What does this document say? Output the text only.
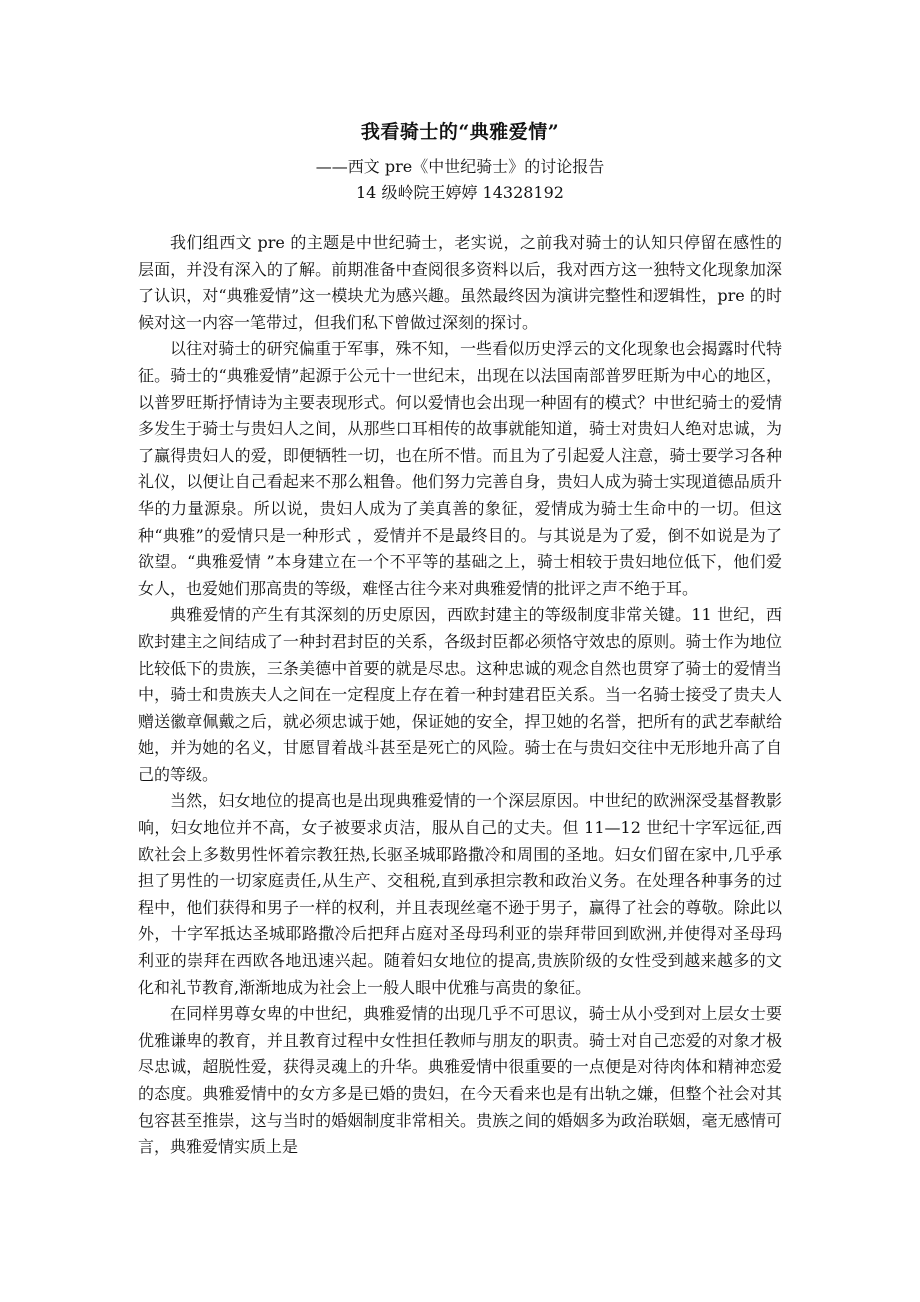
我看骑士的“典雅爱情”

——西文 pre《中世纪骑士》的讨论报告

14 级岭院王婷婷 14328192

我们组西文 pre 的主题是中世纪骑士，老实说，之前我对骑士的认知只停留在感性的层面，并没有深入的了解。前期准备中查阅很多资料以后，我对西方这一独特文化现象加深了认识，对“典雅爱情”这一模块尤为感兴趣。虽然最终因为演讲完整性和逻辑性，pre 的时候对这一内容一笔带过，但我们私下曾做过深刻的探讨。

以往对骑士的研究偏重于军事，殊不知，一些看似历史浮云的文化现象也会揭露时代特征。骑士的“典雅爱情”起源于公元十一世纪末，出现在以法国南部普罗旺斯为中心的地区，以普罗旺斯抒情诗为主要表现形式。何以爱情也会出现一种固有的模式？中世纪骑士的爱情多发生于骑士与贵妇人之间，从那些口耳相传的故事就能知道，骑士对贵妇人绝对忠诚，为了赢得贵妇人的爱，即便牺牲一切，也在所不惜。而且为了引起爱人注意，骑士要学习各种礼仪，以便让自己看起来不那么粗鲁。他们努力完善自身，贵妇人成为骑士实现道德品质升华的力量源泉。所以说，贵妇人成为了美真善的象征，爱情成为骑士生命中的一切。但这种“典雅”的爱情只是一种形式 ，爱情并不是最终目的。与其说是为了爱，倒不如说是为了欲望。“典雅爱情 ”本身建立在一个不平等的基础之上，骑士相较于贵妇地位低下，他们爱女人，也爱她们那高贵的等级，难怪古往今来对典雅爱情的批评之声不绝于耳。

典雅爱情的产生有其深刻的历史原因，西欧封建主的等级制度非常关键。11 世纪，西欧封建主之间结成了一种封君封臣的关系，各级封臣都必须恪守效忠的原则。骑士作为地位比较低下的贵族，三条美德中首要的就是尽忠。这种忠诚的观念自然也贯穿了骑士的爱情当中，骑士和贵族夫人之间在一定程度上存在着一种封建君臣关系。当一名骑士接受了贵夫人赠送徽章佩戴之后，就必须忠诚于她，保证她的安全，捍卫她的名誉，把所有的武艺奉献给她，并为她的名义，甘愿冒着战斗甚至是死亡的风险。骑士在与贵妇交往中无形地升高了自己的等级。

当然，妇女地位的提高也是出现典雅爱情的一个深层原因。中世纪的欧洲深受基督教影响，妇女地位并不高，女子被要求贞洁，服从自己的丈夫。但 11—12 世纪十字军远征,西欧社会上多数男性怀着宗教狂热,长驱圣城耶路撒冷和周围的圣地。妇女们留在家中,几乎承担了男性的一切家庭责任,从生产、交租税,直到承担宗教和政治义务。在处理各种事务的过程中，他们获得和男子一样的权利，并且表现丝毫不逊于男子，赢得了社会的尊敬。除此以外，十字军抵达圣城耶路撒冷后把拜占庭对圣母玛利亚的崇拜带回到欧洲,并使得对圣母玛利亚的崇拜在西欧各地迅速兴起。随着妇女地位的提高,贵族阶级的女性受到越来越多的文化和礼节教育,渐渐地成为社会上一般人眼中优雅与高贵的象征。

在同样男尊女卑的中世纪，典雅爱情的出现几乎不可思议，骑士从小受到对上层女士要优雅谦卑的教育，并且教育过程中女性担任教师与朋友的职责。骑士对自己恋爱的对象才极尽忠诚，超脱性爱，获得灵魂上的升华。典雅爱情中很重要的一点便是对待肉体和精神恋爱的态度。典雅爱情中的女方多是已婚的贵妇，在今天看来也是有出轨之嫌，但整个社会对其包容甚至推崇，这与当时的婚姻制度非常相关。贵族之间的婚姻多为政治联姻，毫无感情可言，典雅爱情实质上是
